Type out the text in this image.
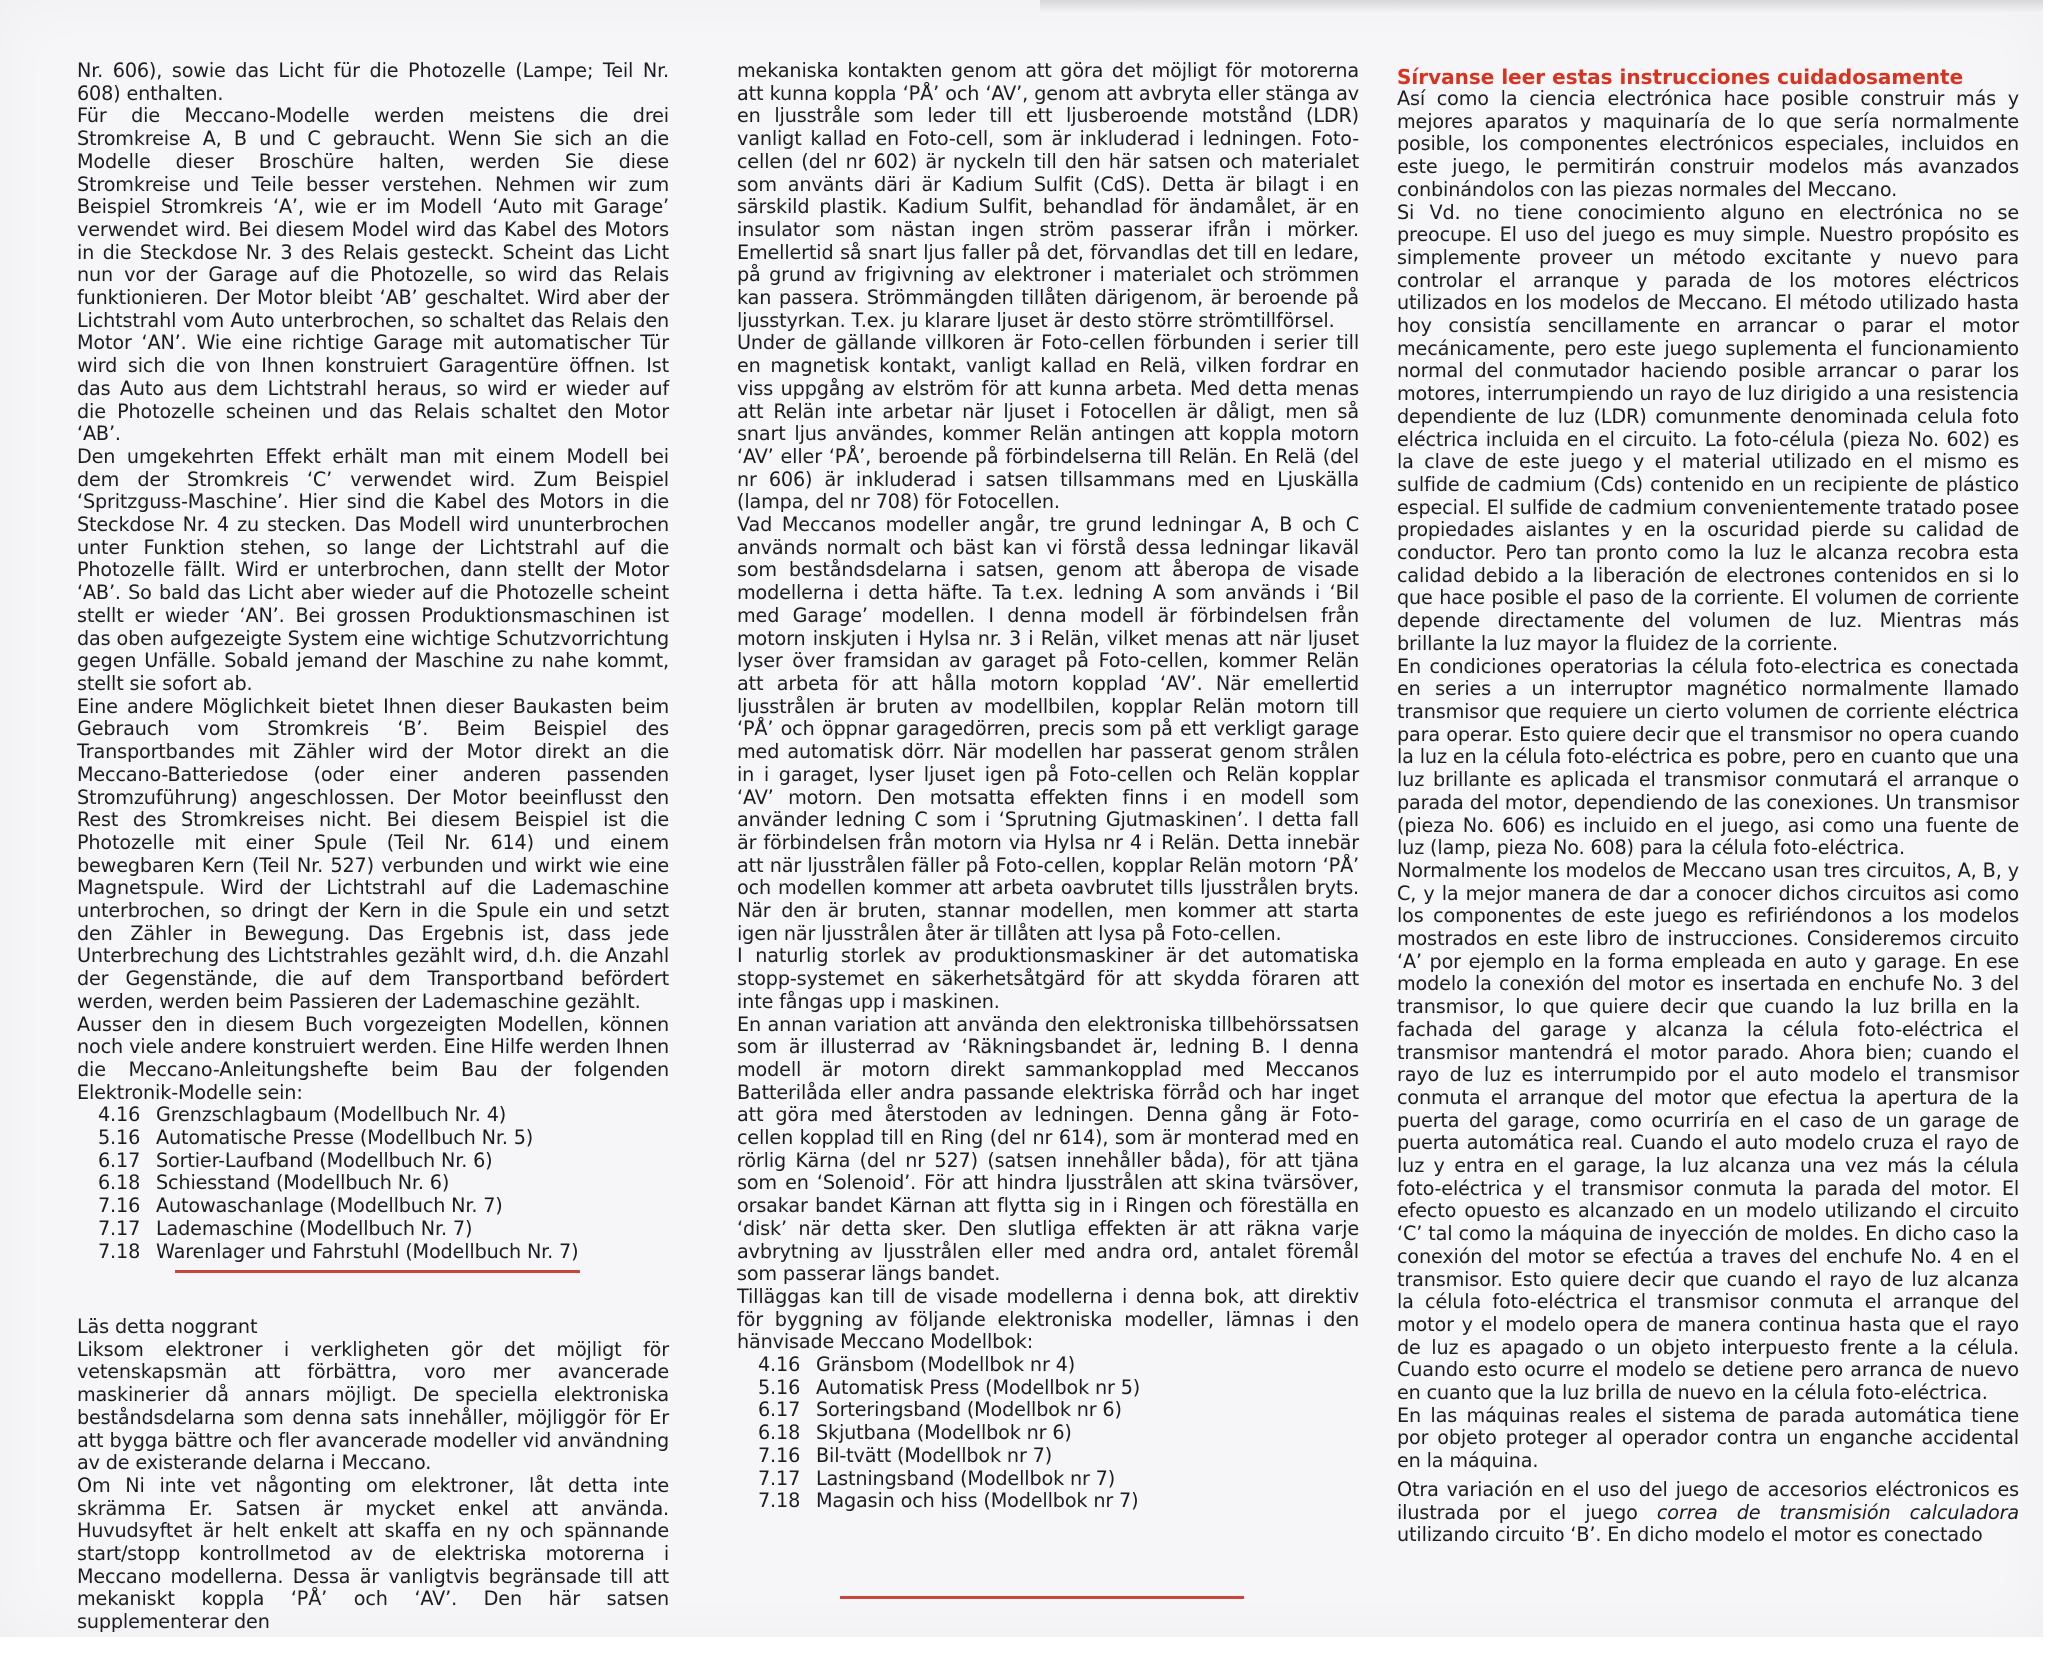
Nr. 606), sowie das Licht für die Photozelle (Lampe; Teil Nr. 608) enthalten.

Für die Meccano-Modelle werden meistens die drei Stromkreise A, B und C gebraucht. Wenn Sie sich an die Modelle dieser Broschüre halten, werden Sie diese Stromkreise und Teile besser verstehen. Nehmen wir zum Beispiel Stromkreis ‘A’, wie er im Modell ‘Auto mit Garage’ verwendet wird. Bei diesem Model wird das Kabel des Motors in die Steckdose Nr. 3 des Relais gesteckt. Scheint das Licht nun vor der Garage auf die Photozelle, so wird das Relais funktionieren. Der Motor bleibt ‘AB’ geschaltet. Wird aber der Lichtstrahl vom Auto unterbrochen, so schaltet das Relais den Motor ‘AN’. Wie eine richtige Garage mit automatischer Tür wird sich die von Ihnen konstruiert Garagentüre öffnen. Ist das Auto aus dem Lichtstrahl heraus, so wird er wieder auf die Photozelle scheinen und das Relais schaltet den Motor ‘AB’.

Den umgekehrten Effekt erhält man mit einem Modell bei dem der Stromkreis ‘C’ verwendet wird. Zum Beispiel ‘Spritzguss-Maschine’. Hier sind die Kabel des Motors in die Steckdose Nr. 4 zu stecken. Das Modell wird ununterbrochen unter Funktion stehen, so lange der Lichtstrahl auf die Photozelle fällt. Wird er unterbrochen, dann stellt der Motor ‘AB’. So bald das Licht aber wieder auf die Photozelle scheint stellt er wieder ‘AN’. Bei grossen Produktionsmaschinen ist das oben aufgezeigte System eine wichtige Schutzvorrichtung gegen Unfälle. Sobald jemand der Maschine zu nahe kommt, stellt sie sofort ab.

Eine andere Möglichkeit bietet Ihnen dieser Baukasten beim Gebrauch vom Stromkreis ‘B’. Beim Beispiel des Transportbandes mit Zähler wird der Motor direkt an die Meccano-Batteriedose (oder einer anderen passenden Stromzuführung) angeschlossen. Der Motor beeinflusst den Rest des Stromkreises nicht. Bei diesem Beispiel ist die Photozelle mit einer Spule (Teil Nr. 614) und einem bewegbaren Kern (Teil Nr. 527) verbunden und wirkt wie eine Magnetspule. Wird der Lichtstrahl auf die Lademaschine unterbrochen, so dringt der Kern in die Spule ein und setzt den Zähler in Bewegung. Das Ergebnis ist, dass jede Unterbrechung des Lichtstrahles gezählt wird, d.h. die Anzahl der Gegenstände, die auf dem Transportband befördert werden, werden beim Passieren der Lademaschine gezählt.

Ausser den in diesem Buch vorgezeigten Modellen, können noch viele andere konstruiert werden. Eine Hilfe werden Ihnen die Meccano-Anleitungshefte beim Bau der folgenden Elektronik-Modelle sein:

4.16 Grenzschlagbaum (Modellbuch Nr. 4)
5.16 Automatische Presse (Modellbuch Nr. 5)
6.17 Sortier-Laufband (Modellbuch Nr. 6)
6.18 Schiesstand (Modellbuch Nr. 6)
7.16 Autowaschanlage (Modellbuch Nr. 7)
7.17 Lademaschine (Modellbuch Nr. 7)
7.18 Warenlager und Fahrstuhl (Modellbuch Nr. 7)

Läs detta noggrant

Liksom elektroner i verkligheten gör det möjligt för vetenskapsmän att förbättra, voro mer avancerade maskinerier då annars möjligt. De speciella elektroniska beståndsdelarna som denna sats innehåller, möjliggör för Er att bygga bättre och fler avancerade modeller vid användning av de existerande delarna i Meccano.

Om Ni inte vet någonting om elektroner, låt detta inte skrämma Er. Satsen är mycket enkel att använda. Huvudsyftet är helt enkelt att skaffa en ny och spännande start/stopp kontrollmetod av de elektriska motorerna i Meccano modellerna. Dessa är vanligtvis begränsade till att mekaniskt koppla ‘PÅ’ och ‘AV’. Den här satsen supplementerar den

mekaniska kontakten genom att göra det möjligt för motorerna att kunna koppla ‘PÅ’ och ‘AV’, genom att avbryta eller stänga av en ljusstråle som leder till ett ljusberoende motstånd (LDR) vanligt kallad en Foto-cell, som är inkluderad i ledningen. Foto-cellen (del nr 602) är nyckeln till den här satsen och materialet som använts däri är Kadium Sulfit (CdS). Detta är bilagt i en särskild plastik. Kadium Sulfit, behandlad för ändamålet, är en insulator som nästan ingen ström passerar ifrån i mörker. Emellertid så snart ljus faller på det, förvandlas det till en ledare, på grund av frigivning av elektroner i materialet och strömmen kan passera. Strömmängden tillåten därigenom, är beroende på ljusstyrkan. T.ex. ju klarare ljuset är desto större strömtillförsel.

Under de gällande villkoren är Foto-cellen förbunden i serier till en magnetisk kontakt, vanligt kallad en Relä, vilken fordrar en viss uppgång av elström för att kunna arbeta. Med detta menas att Relän inte arbetar när ljuset i Fotocellen är dåligt, men så snart ljus användes, kommer Relän antingen att koppla motorn ‘AV’ eller ‘PÅ’, beroende på förbindelserna till Relän. En Relä (del nr 606) är inkluderad i satsen tillsammans med en Ljuskälla (lampa, del nr 708) för Fotocellen.

Vad Meccanos modeller angår, tre grund ledningar A, B och C används normalt och bäst kan vi förstå dessa ledningar likaväl som beståndsdelarna i satsen, genom att åberopa de visade modellerna i detta häfte. Ta t.ex. ledning A som används i ‘Bil med Garage’ modellen. I denna modell är förbindelsen från motorn inskjuten i Hylsa nr. 3 i Relän, vilket menas att när ljuset lyser över framsidan av garaget på Foto-cellen, kommer Relän att arbeta för att hålla motorn kopplad ‘AV’. När emellertid ljusstrålen är bruten av modellbilen, kopplar Relän motorn till ‘PÅ’ och öppnar garagedörren, precis som på ett verkligt garage med automatisk dörr. När modellen har passerat genom strålen in i garaget, lyser ljuset igen på Foto-cellen och Relän kopplar ‘AV’ motorn. Den motsatta effekten finns i en modell som använder ledning C som i ‘Sprutning Gjutmaskinen’. I detta fall är förbindelsen från motorn via Hylsa nr 4 i Relän. Detta innebär att när ljusstrålen fäller på Foto-cellen, kopplar Relän motorn ‘PÅ’ och modellen kommer att arbeta oavbrutet tills ljusstrålen bryts. När den är bruten, stannar modellen, men kommer att starta igen när ljusstrålen åter är tillåten att lysa på Foto-cellen.

I naturlig storlek av produktionsmaskiner är det automatiska stopp-systemet en säkerhetsåtgärd för att skydda föraren att inte fångas upp i maskinen.

En annan variation att använda den elektroniska tillbehörssatsen som är illusterrad av ‘Räkningsbandet är, ledning B. I denna modell är motorn direkt sammankopplad med Meccanos Batterilåda eller andra passande elektriska förråd och har inget att göra med återstoden av ledningen. Denna gång är Foto-cellen kopplad till en Ring (del nr 614), som är monterad med en rörlig Kärna (del nr 527) (satsen innehåller båda), för att tjäna som en ‘Solenoid’. För att hindra ljusstrålen att skina tvärsöver, orsakar bandet Kärnan att flytta sig in i Ringen och föreställa en ‘disk’ när detta sker. Den slutliga effekten är att räkna varje avbrytning av ljusstrålen eller med andra ord, antalet föremål som passerar längs bandet.

Tilläggas kan till de visade modellerna i denna bok, att direktiv för byggning av följande elektroniska modeller, lämnas i den hänvisade Meccano Modellbok:

4.16 Gränsbom (Modellbok nr 4)
5.16 Automatisk Press (Modellbok nr 5)
6.17 Sorteringsband (Modellbok nr 6)
6.18 Skjutbana (Modellbok nr 6)
7.16 Bil-tvätt (Modellbok nr 7)
7.17 Lastningsband (Modellbok nr 7)
7.18 Magasin och hiss (Modellbok nr 7)

Sírvanse leer estas instrucciones cuidadosamente

Así como la ciencia electrónica hace posible construir más y mejores aparatos y maquinaría de lo que sería normalmente posible, los componentes electrónicos especiales, incluidos en este juego, le permitirán construir modelos más avanzados conbinándolos con las piezas normales del Meccano.

Si Vd. no tiene conocimiento alguno en electrónica no se preocupe. El uso del juego es muy simple. Nuestro propósito es simplemente proveer un método excitante y nuevo para controlar el arranque y parada de los motores eléctricos utilizados en los modelos de Meccano. El método utilizado hasta hoy consistía sencillamente en arrancar o parar el motor mecánicamente, pero este juego suplementa el funcionamiento normal del conmutador haciendo posible arrancar o parar los motores, interrumpiendo un rayo de luz dirigido a una resistencia dependiente de luz (LDR) comunmente denominada celula foto eléctrica incluida en el circuito. La foto-célula (pieza No. 602) es la clave de este juego y el material utilizado en el mismo es sulfide de cadmium (Cds) contenido en un recipiente de plástico especial. El sulfide de cadmium convenientemente tratado posee propiedades aislantes y en la oscuridad pierde su calidad de conductor. Pero tan pronto como la luz le alcanza recobra esta calidad debido a la liberación de electrones contenidos en si lo que hace posible el paso de la corriente. El volumen de corriente depende directamente del volumen de luz. Mientras más brillante la luz mayor la fluidez de la corriente.

En condiciones operatorias la célula foto-electrica es conectada en series a un interruptor magnético normalmente llamado transmisor que requiere un cierto volumen de corriente eléctrica para operar. Esto quiere decir que el transmisor no opera cuando la luz en la célula foto-eléctrica es pobre, pero en cuanto que una luz brillante es aplicada el transmisor conmutará el arranque o parada del motor, dependiendo de las conexiones. Un transmisor (pieza No. 606) es incluido en el juego, asi como una fuente de luz (lamp, pieza No. 608) para la célula foto-eléctrica.

Normalmente los modelos de Meccano usan tres circuitos, A, B, y C, y la mejor manera de dar a conocer dichos circuitos asi como los componentes de este juego es refiriéndonos a los modelos mostrados en este libro de instrucciones. Consideremos circuito ‘A’ por ejemplo en la forma empleada en auto y garage. En ese modelo la conexión del motor es insertada en enchufe No. 3 del transmisor, lo que quiere decir que cuando la luz brilla en la fachada del garage y alcanza la célula foto-eléctrica el transmisor mantendrá el motor parado. Ahora bien; cuando el rayo de luz es interrumpido por el auto modelo el transmisor conmuta el arranque del motor que efectua la apertura de la puerta del garage, como ocurriría en el caso de un garage de puerta automática real. Cuando el auto modelo cruza el rayo de luz y entra en el garage, la luz alcanza una vez más la célula foto-eléctrica y el transmisor conmuta la parada del motor. El efecto opuesto es alcanzado en un modelo utilizando el circuito ‘C’ tal como la máquina de inyección de moldes. En dicho caso la conexión del motor se efectúa a traves del enchufe No. 4 en el transmisor. Esto quiere decir que cuando el rayo de luz alcanza la célula foto-eléctrica el transmisor conmuta el arranque del motor y el modelo opera de manera continua hasta que el rayo de luz es apagado o un objeto interpuesto frente a la célula. Cuando esto ocurre el modelo se detiene pero arranca de nuevo en cuanto que la luz brilla de nuevo en la célula foto-eléctrica.

En las máquinas reales el sistema de parada automática tiene por objeto proteger al operador contra un enganche accidental en la máquina.

Otra variación en el uso del juego de accesorios eléctronicos es ilustrada por el juego correa de transmisión calculadora utilizando circuito ‘B’. En dicho modelo el motor es conectado
